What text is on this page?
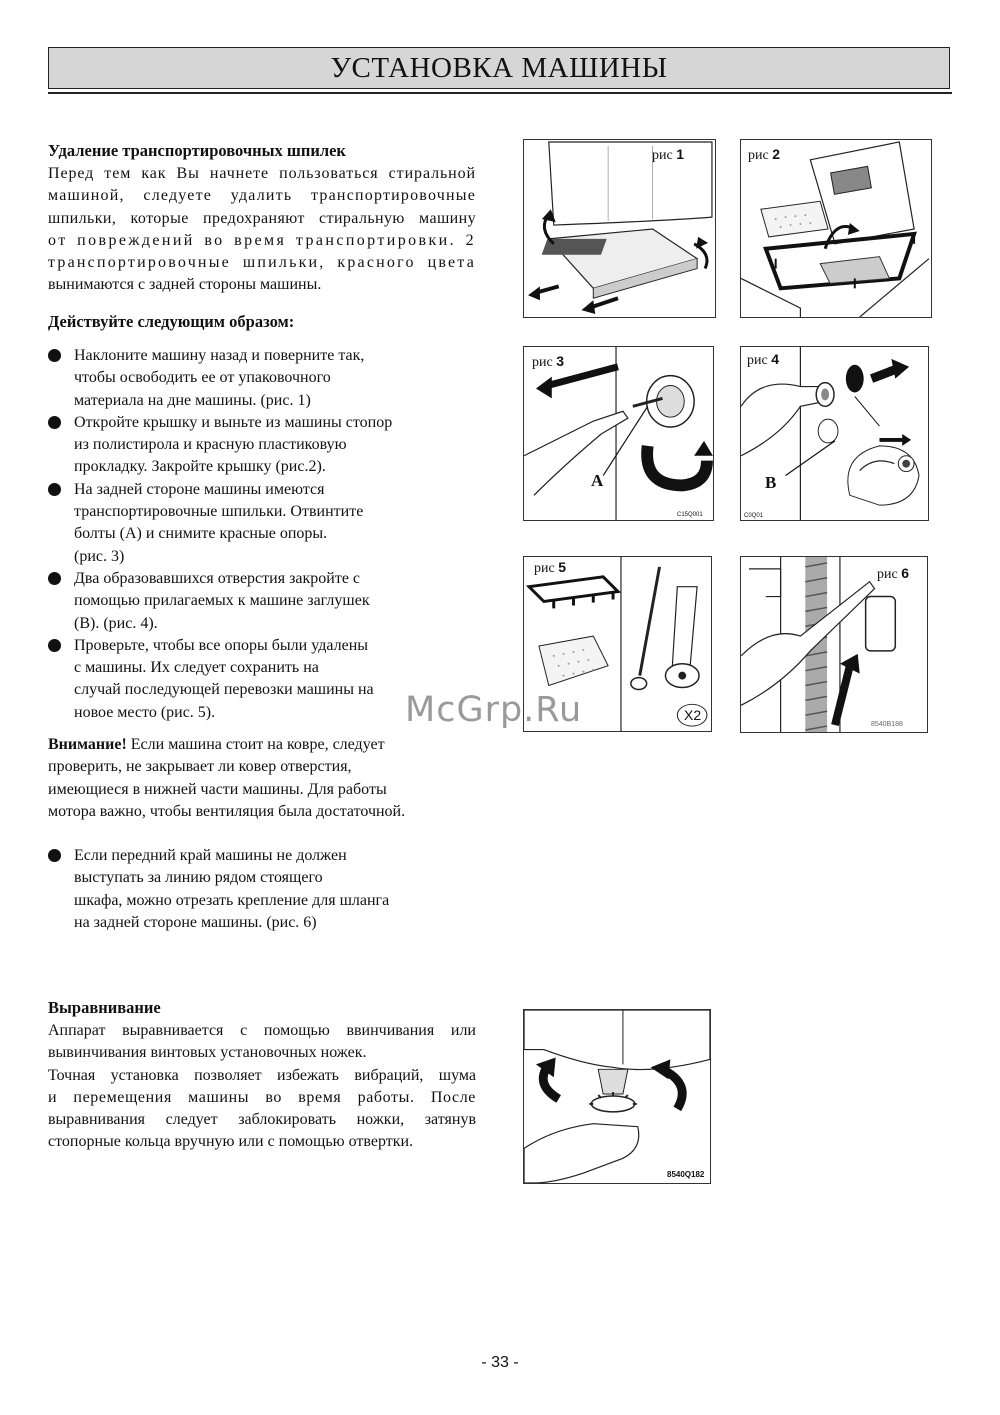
УСТАНОВКА МАШИНЫ
Удаление транспортировочных шпилек
Перед тем как Вы начнете пользоваться стиральной
машиной, следуете удалить транспортировочные
шпильки, которые предохраняют стиральную машину
от повреждений во время транспортировки. 2
транспортировочные шпильки, красного цвета
вынимаются с задней стороны машины.
Действуйте следующим образом:
Наклоните машину назад и поверните так,
чтобы освободить ее от упаковочного
материала на дне машины. (рис. 1)
Откройте крышку и выньте из машины стопор
из полистирола и красную пластиковую
прокладку. Закройте крышку (рис.2).
На задней стороне машины имеются
транспортировочные шпильки. Отвинтите
болты (А) и снимите красные опоры.
(рис. 3)
Два образовавшихся отверстия закройте с
помощью прилагаемых к машине заглушек
(В). (рис. 4).
Проверьте, чтобы все опоры были удалены
с машины. Их следует сохранить на
случай последующей перевозки машины на
новое место (рис. 5).
Внимание! Если машина стоит на ковре, следует
проверить, не закрывает ли ковер отверстия,
имеющиеся в нижней части машины. Для работы
мотора важно, чтобы вентиляция была достаточной.
Если передний край машины не должен
выступать за линию рядом стоящего
шкафа, можно отрезать крепление для шланга
на задней стороне машины. (рис. 6)
Выравнивание
Аппарат выравнивается с помощью ввинчивания или
вывинчивания винтовых установочных ножек.
Точная установка позволяет избежать вибраций, шума
и перемещения машины во время работы. После
выравнивания следует заблокировать ножки, затянув
стопорные кольца вручную или с помощью отвертки.
рис 1	рис 2
рис 3
A
C15Q001
рис 4
B
C0Q01
рис 5
X2
рис 6
8540B188
8540Q182
McGrp.Ru
- 33 -
